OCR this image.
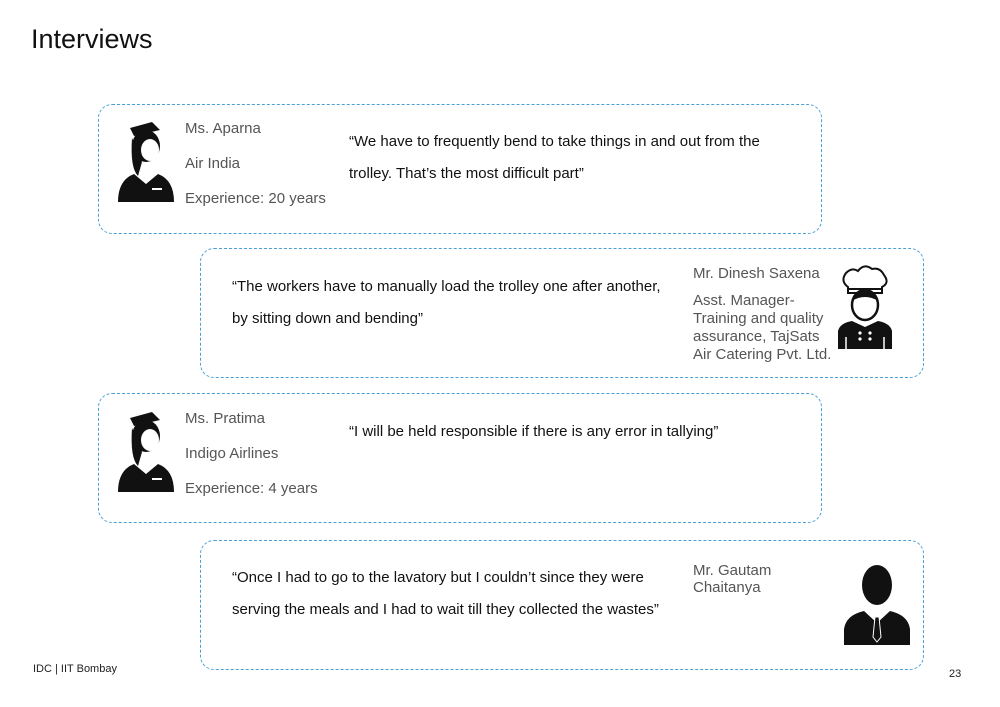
Interviews
Ms. Aparna
Air India
Experience: 20 years
“We have to frequently bend to take things in and out from the
trolley. That’s the most difficult part”
“The workers have to manually load the trolley one after another,
by sitting down and bending”
Mr. Dinesh Saxena
Asst. Manager-
Training and quality
assurance, TajSats
Air Catering Pvt. Ltd.
Ms. Pratima
Indigo Airlines
Experience: 4 years
“I will be held responsible if there is any error in tallying”
“Once I had to go to the lavatory but I couldn’t since they were
serving the meals and I had to wait till they collected the wastes”
Mr. Gautam
Chaitanya
IDC | IIT Bombay	23
